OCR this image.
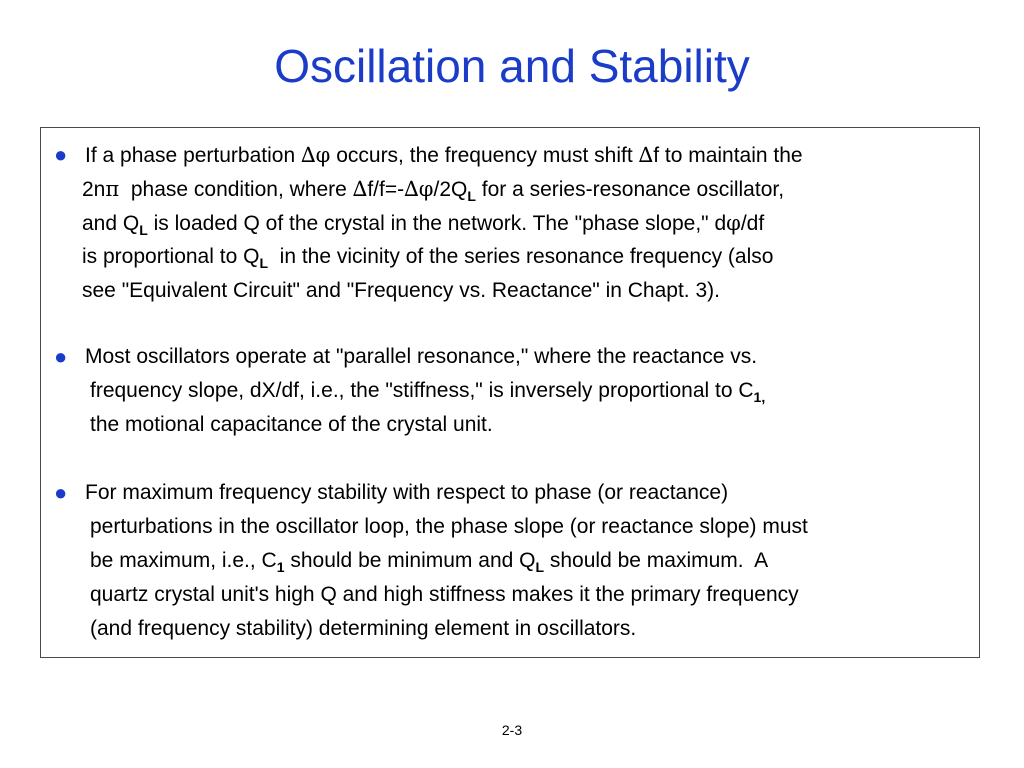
Oscillation and Stability
● If a phase perturbation ∆φ occurs, the frequency must shift ∆f to maintain the
2nπ  phase condition, where $\Delta f/f=-\Delta\varphi/2Q_L$ for a series-resonance oscillator,
and $Q_L$ is loaded Q of the crystal in the network. The "phase slope," dφ/df
is proportional to $Q_L$  in the vicinity of the series resonance frequency (also
see "Equivalent Circuit" and "Frequency vs. Reactance" in Chapt. 3).
● Most oscillators operate at "parallel resonance," where the reactance vs.
frequency slope, dX/df, i.e., the "stiffness," is inversely proportional to $C_{1,}$
the motional capacitance of the crystal unit.
● For maximum frequency stability with respect to phase (or reactance)
perturbations in the oscillator loop, the phase slope (or reactance slope) must
be maximum, i.e., $C_1$ should be minimum and $Q_L$ should be maximum.  A
quartz crystal unit's high Q and high stiffness makes it the primary frequency
(and frequency stability) determining element in oscillators.
2-3
